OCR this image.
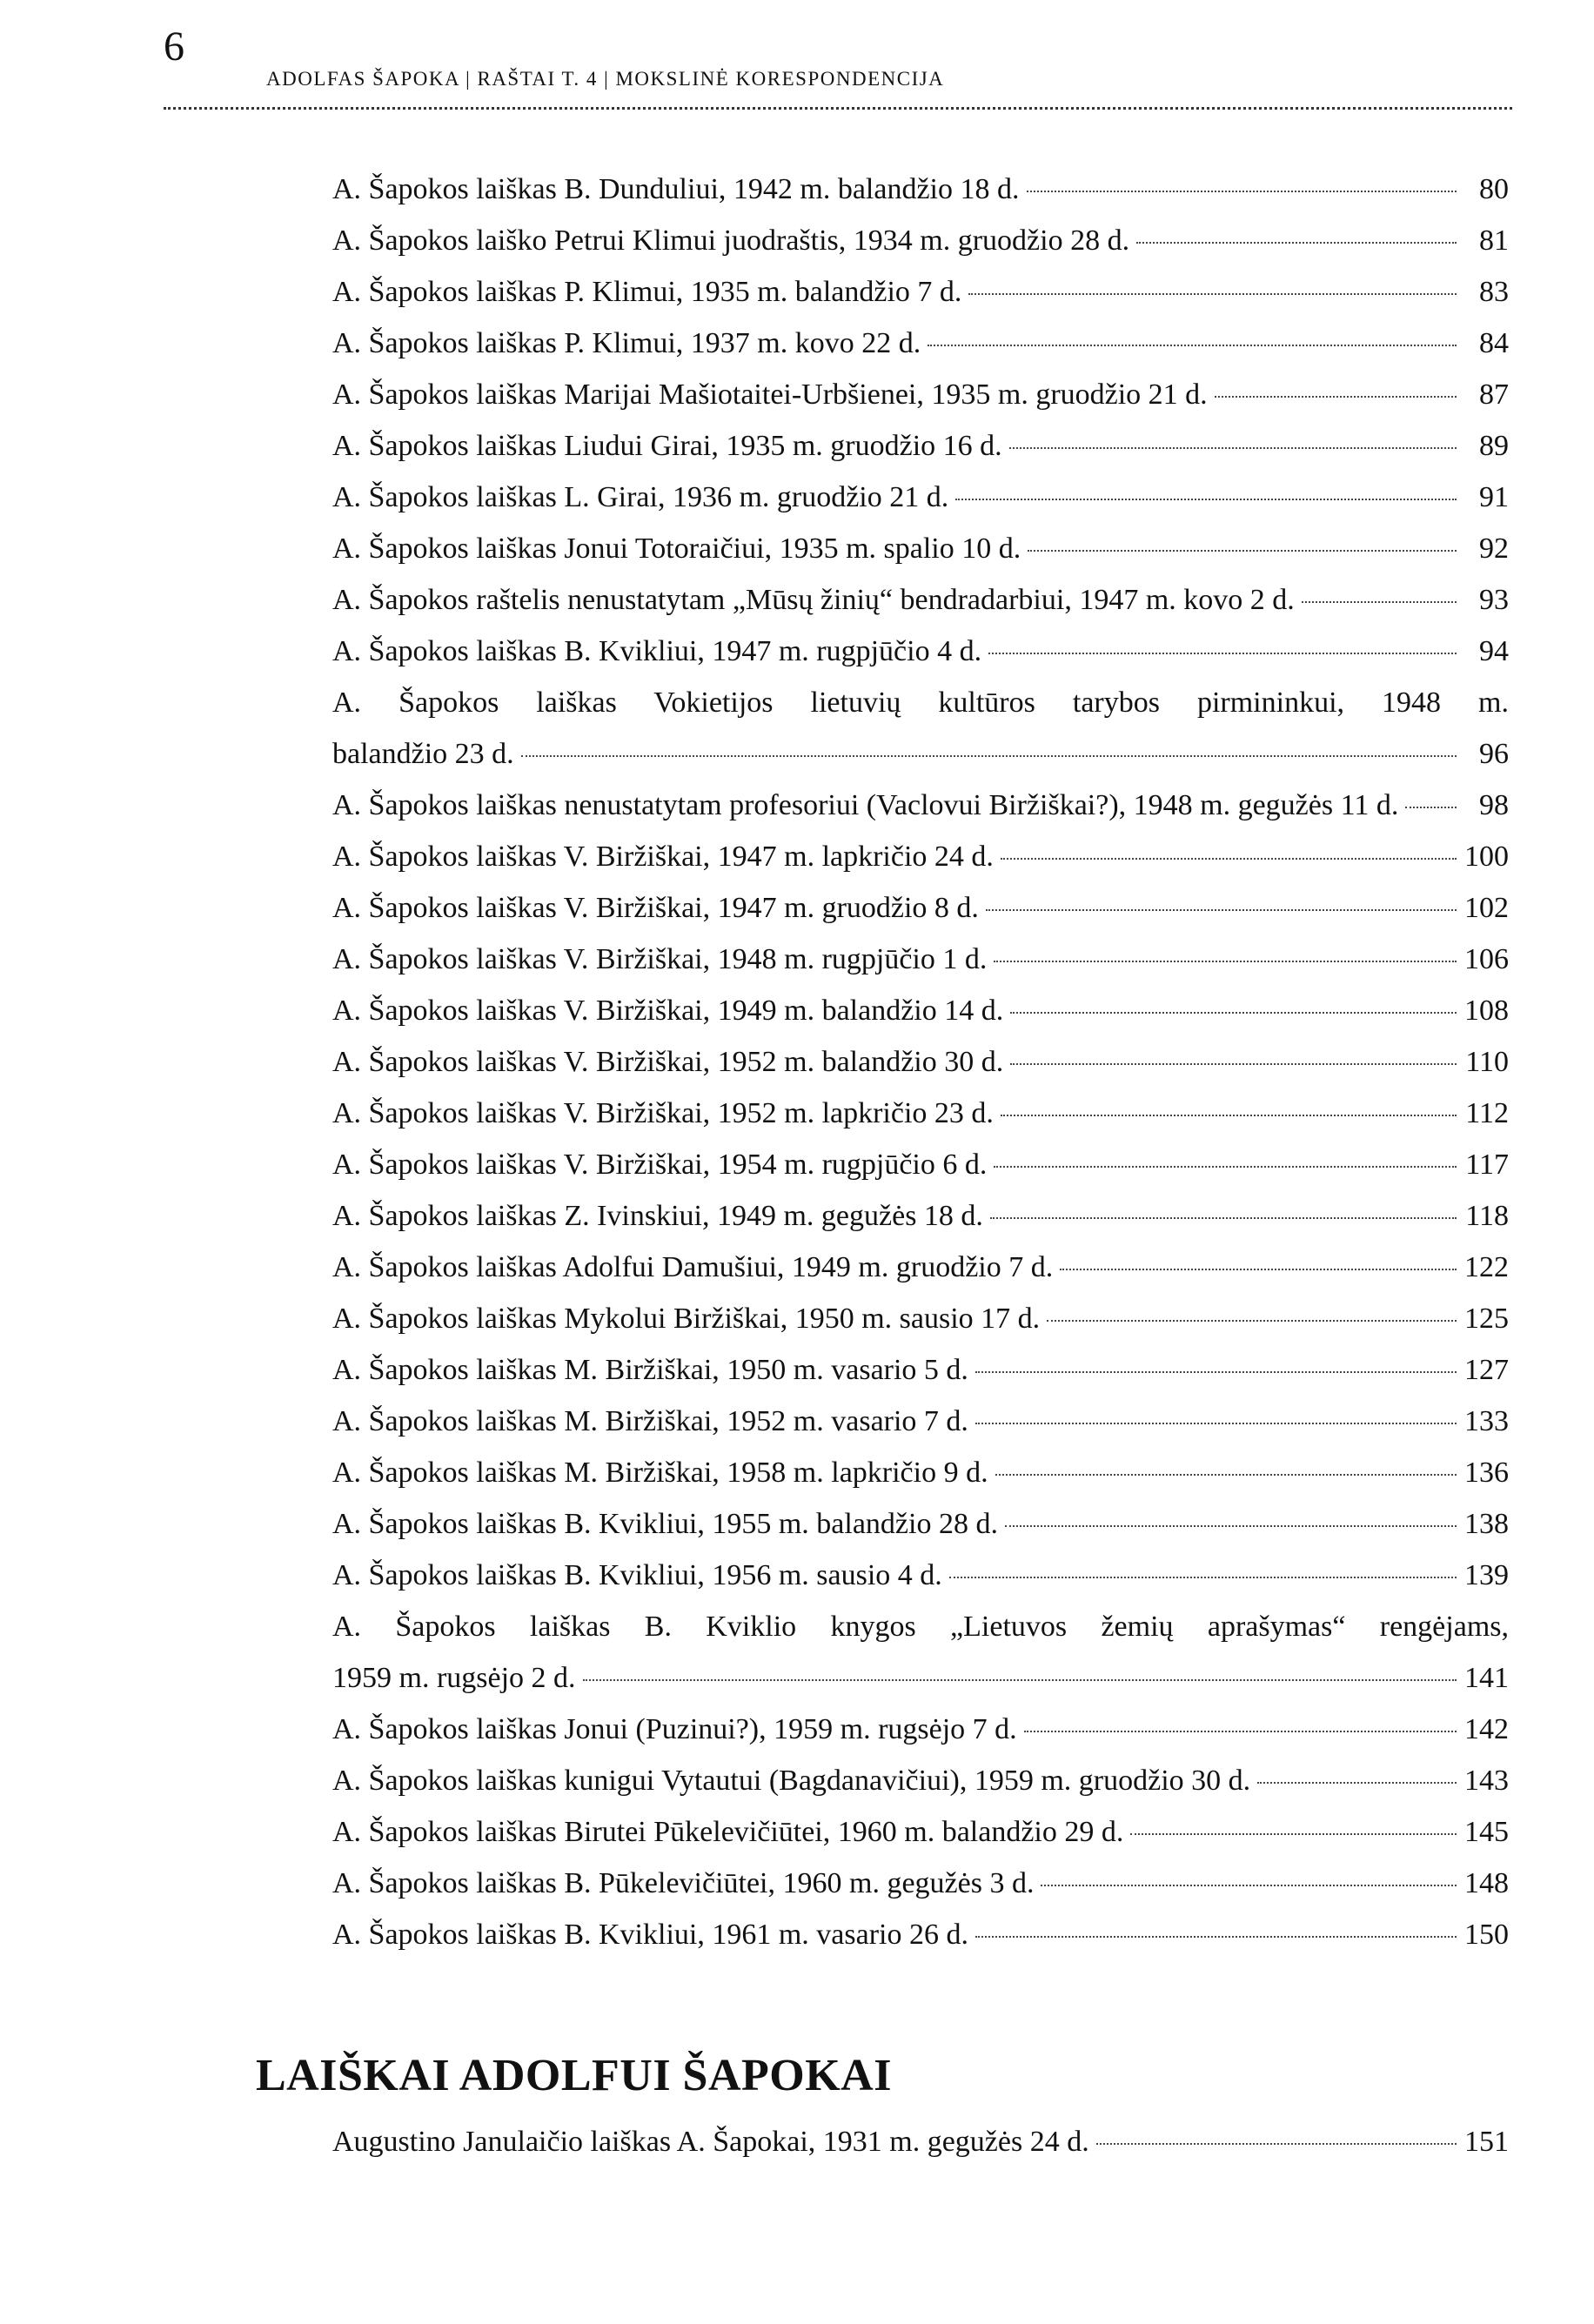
6
ADOLFAS ŠAPOKA | RAŠTAI T. 4 | MOKSLINĖ KORESPONDENCIJA
A. Šapokos laiškas B. Dunduliui, 1942 m. balandžio 18 d.	80
A. Šapokos laiško Petrui Klimui juodraštis, 1934 m. gruodžio 28 d.	81
A. Šapokos laiškas P. Klimui, 1935 m. balandžio 7 d.	83
A. Šapokos laiškas P. Klimui, 1937 m. kovo 22 d.	84
A. Šapokos laiškas Marijai Mašiotaitei-Urbšienei, 1935 m. gruodžio 21 d.	87
A. Šapokos laiškas Liudui Girai, 1935 m. gruodžio 16 d.	89
A. Šapokos laiškas L. Girai, 1936 m. gruodžio 21 d.	91
A. Šapokos laiškas Jonui Totoraičiui, 1935 m. spalio 10 d.	92
A. Šapokos raštelis nenustatytam „Mūsų žinių“ bendradarbiui, 1947 m. kovo 2 d.	93
A. Šapokos laiškas B. Kvikliui, 1947 m. rugpjūčio 4 d.	94
A. Šapokos laiškas Vokietijos lietuvių kultūros tarybos pirmininkui, 1948 m.
balandžio 23 d.	96
A. Šapokos laiškas nenustatytam profesoriui (Vaclovui Biržiškai?), 1948 m. gegužės 11 d.	98
A. Šapokos laiškas V. Biržiškai, 1947 m. lapkričio 24 d.	100
A. Šapokos laiškas V. Biržiškai, 1947 m. gruodžio 8 d.	102
A. Šapokos laiškas V. Biržiškai, 1948 m. rugpjūčio 1 d.	106
A. Šapokos laiškas V. Biržiškai, 1949 m. balandžio 14 d.	108
A. Šapokos laiškas V. Biržiškai, 1952 m. balandžio 30 d.	110
A. Šapokos laiškas V. Biržiškai, 1952 m. lapkričio 23 d.	112
A. Šapokos laiškas V. Biržiškai, 1954 m. rugpjūčio 6 d.	117
A. Šapokos laiškas Z. Ivinskiui, 1949 m. gegužės 18 d.	118
A. Šapokos laiškas Adolfui Damušiui, 1949 m. gruodžio 7 d.	122
A. Šapokos laiškas Mykolui Biržiškai, 1950 m. sausio 17 d.	125
A. Šapokos laiškas M. Biržiškai, 1950 m. vasario 5 d.	127
A. Šapokos laiškas M. Biržiškai, 1952 m. vasario 7 d.	133
A. Šapokos laiškas M. Biržiškai, 1958 m. lapkričio 9 d.	136
A. Šapokos laiškas B. Kvikliui, 1955 m. balandžio 28 d.	138
A. Šapokos laiškas B. Kvikliui, 1956 m. sausio 4 d.	139
A. Šapokos laiškas B. Kviklio knygos „Lietuvos žemių aprašymas“ rengėjams,
1959 m. rugsėjo 2 d.	141
A. Šapokos laiškas Jonui (Puzinui?), 1959 m. rugsėjo 7 d.	142
A. Šapokos laiškas kunigui Vytautui (Bagdanavičiui), 1959 m. gruodžio 30 d.	143
A. Šapokos laiškas Birutei Pūkelevičiūtei, 1960 m. balandžio 29 d.	145
A. Šapokos laiškas B. Pūkelevičiūtei, 1960 m. gegužės 3 d.	148
A. Šapokos laiškas B. Kvikliui, 1961 m. vasario 26 d.	150
LAIŠKAI ADOLFUI ŠAPOKAI
Augustino Janulaičio laiškas A. Šapokai, 1931 m. gegužės 24 d.	151
